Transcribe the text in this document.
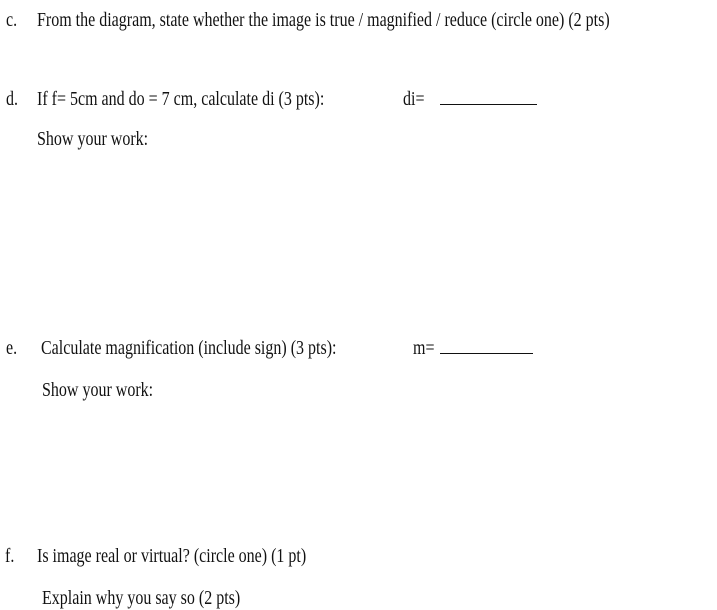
c. From the diagram, state whether the image is true / magnified / reduce (circle one) (2 pts)
d. If f= 5cm and do = 7 cm, calculate di (3 pts):	di=
Show your work:
e. Calculate magnification (include sign) (3 pts):	m=
Show your work:
f. Is image real or virtual? (circle one) (1 pt)
Explain why you say so (2 pts)
